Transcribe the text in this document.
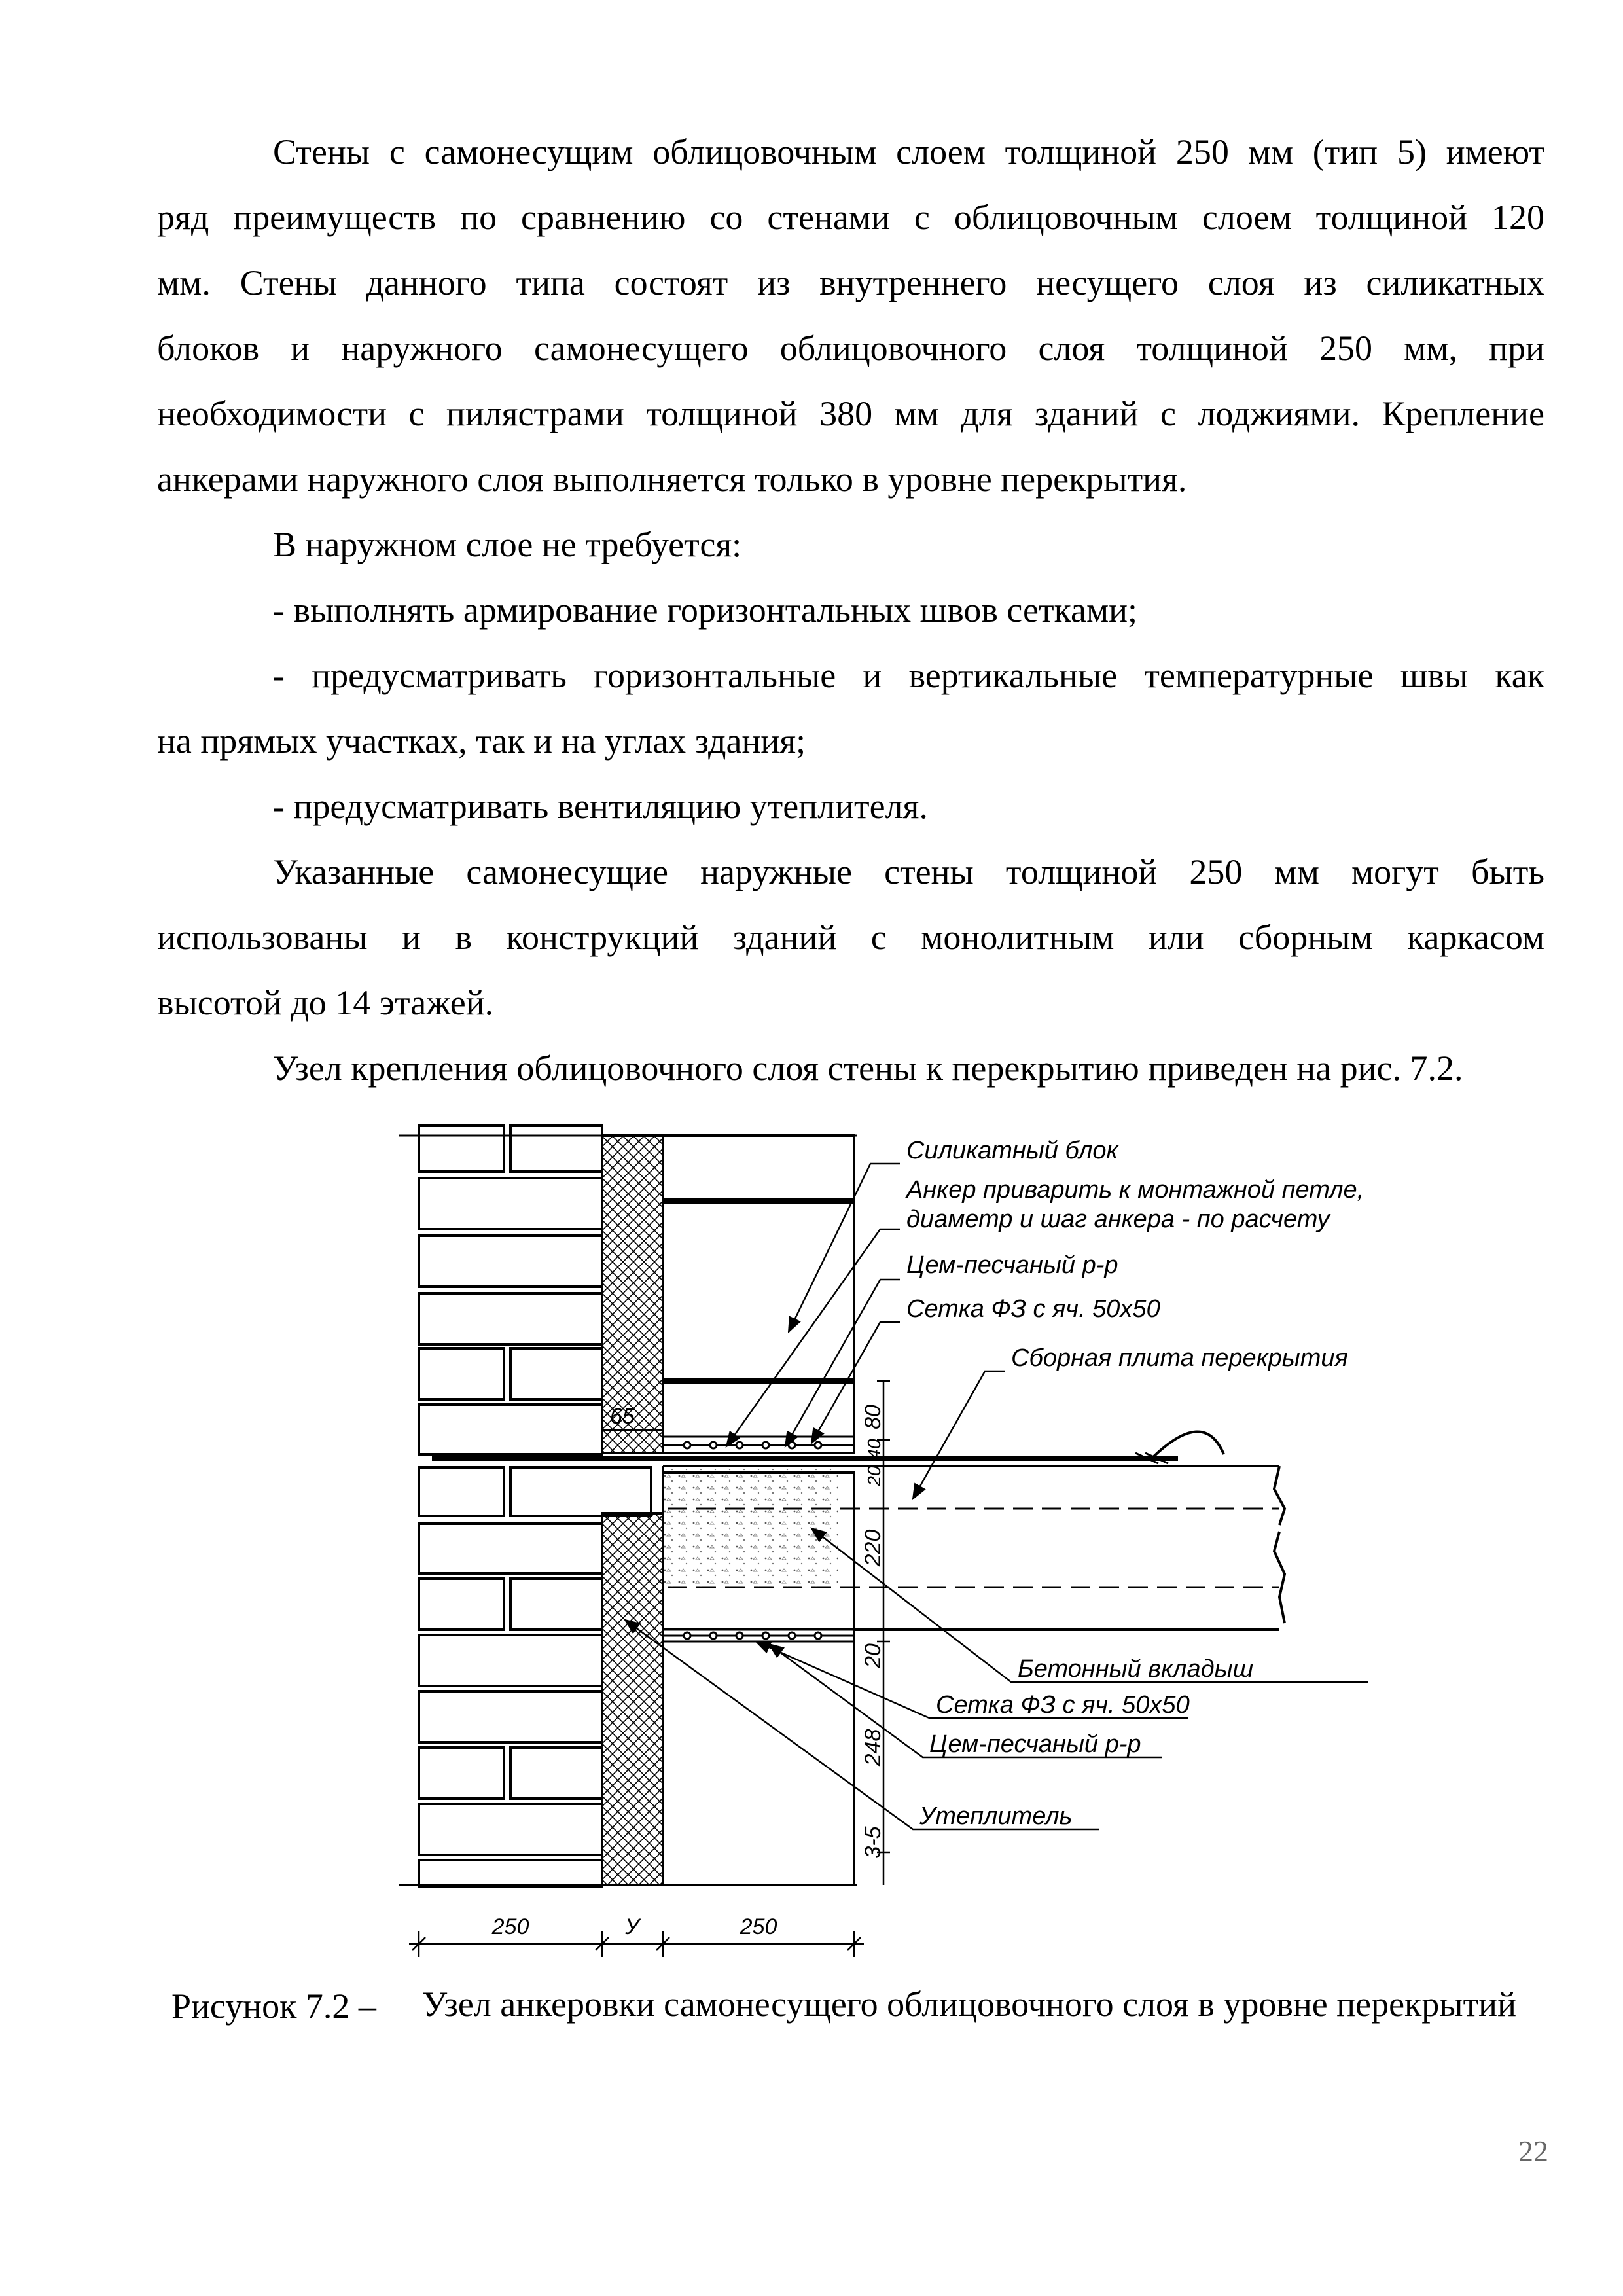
Стены с самонесущим облицовочным слоем толщиной 250 мм (тип 5) имеют
ряд преимуществ по сравнению со стенами с облицовочным слоем толщиной 120
мм. Стены данного типа состоят из внутреннего несущего слоя из силикатных
блоков и наружного самонесущего облицовочного слоя толщиной 250 мм, при
необходимости с пилястрами толщиной 380 мм для зданий с лоджиями. Крепление
анкерами наружного слоя выполняется только в уровне перекрытия.
В наружном слое не требуется:
- выполнять армирование горизонтальных швов сетками;
- предусматривать горизонтальные и вертикальные температурные швы как
на прямых участках, так и на углах здания;
- предусматривать вентиляцию утеплителя.
Указанные самонесущие наружные стены толщиной 250 мм могут быть
использованы и в конструкций зданий с монолитным или сборным каркасом
высотой до 14 этажей.
Узел крепления облицовочного слоя стены к перекрытию приведен на рис. 7.2.
80
40
20
220
20
248
3-5
65
250	У	250
Силикатный блок
Анкер приварить к монтажной петле,
диаметр и шаг анкера - по расчету
Цем-песчаный р-р
Сетка ФЗ с яч. 50х50
Сборная плита перекрытия
Бетонный вкладыш
Сетка ФЗ с яч. 50х50
Цем-песчаный р-р
Утеплитель
Рисунок 7.2 – Узел анкеровки самонесущего облицовочного слоя в уровне перекрытий
22
